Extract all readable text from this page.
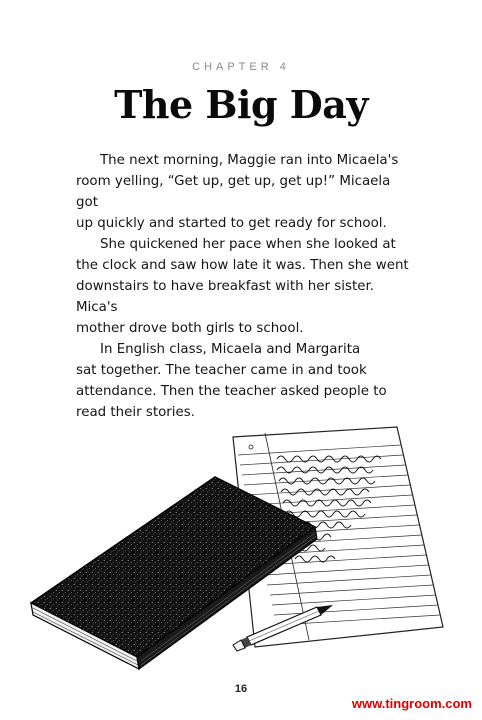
CHAPTER 4
The Big Day

The next morning, Maggie ran into Micaela's
room yelling, “Get up, get up, get up!” Micaela got
up quickly and started to get ready for school.

She quickened her pace when she looked at
the clock and saw how late it was. Then she went
downstairs to have breakfast with her sister. Mica's
mother drove both girls to school.

In English class, Micaela and Margarita
sat together. The teacher came in and took
attendance. Then the teacher asked people to
read their stories.

16
www.tingroom.com
